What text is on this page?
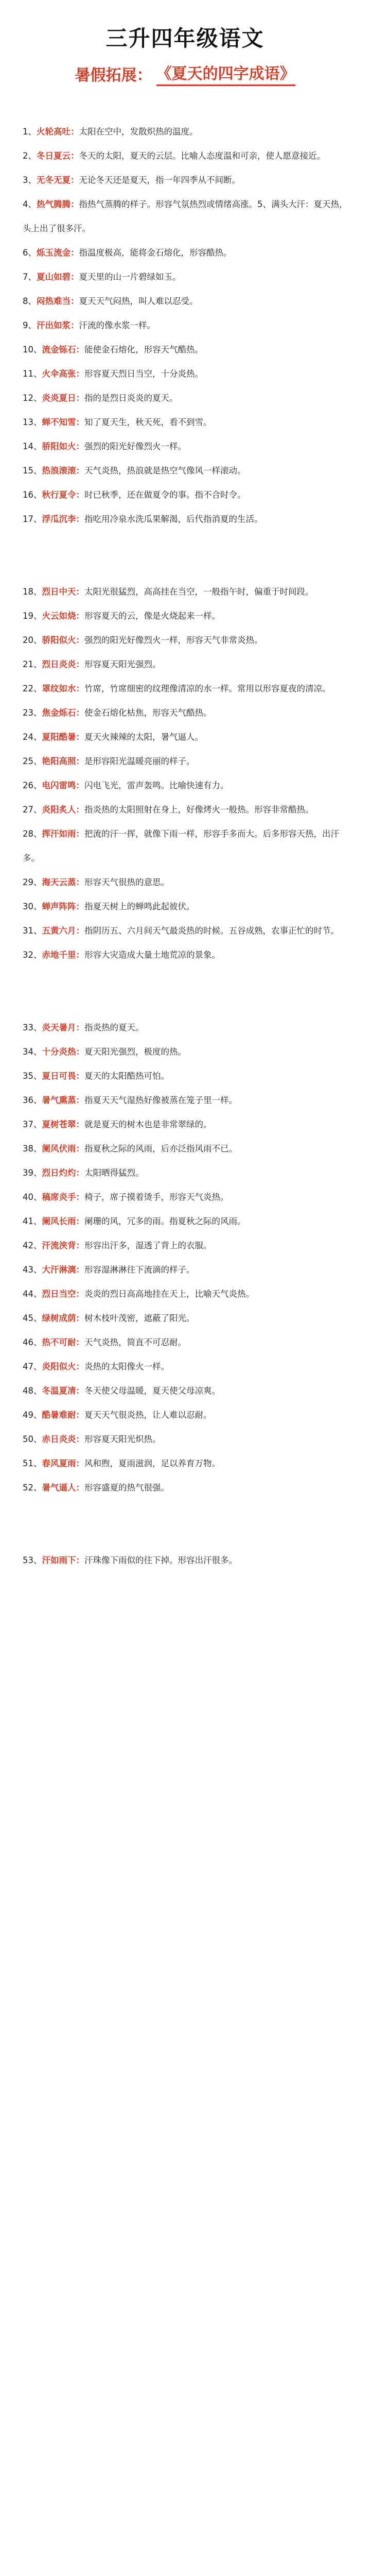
三升四年级语文
暑假拓展： 《夏天的四字成语》

1、火轮高吐：太阳在空中，发散炽热的温度。

2、冬日夏云：冬天的太阳，夏天的云层。比喻人态度温和可亲，使人愿意接近。

3、无冬无夏：无论冬天还是夏天，指一年四季从不间断。

4、热气腾腾：指热气蒸腾的样子。形容气氛热烈或情绪高涨。5、满头大汗：夏天热，头上出了很多汗。

6、烁玉流金：指温度极高，能将金石熔化，形容酷热。

7、夏山如碧：夏天里的山一片碧绿如玉。

8、闷热难当：夏天天气闷热，叫人难以忍受。

9、汗出如浆：汗流的像水浆一样。

10、流金铄石：能使金石熔化，形容天气酷热。

11、火伞高张：形容夏天烈日当空，十分炎热。

12、炎炎夏日：指的是烈日炎炎的夏天。

13、蝉不知雪：知了夏天生，秋天死，看不到雪。

14、骄阳如火：强烈的阳光好像烈火一样。

15、热浪滚滚：天气炎热，热浪就是热空气像风一样滚动。

16、秋行夏令：时已秋季，还在做夏令的事。指不合时令。

17、浮瓜沉李：指吃用冷泉水洗瓜果解渴，后代指消夏的生活。

18、烈日中天：太阳光很猛烈，高高挂在当空，一般指午时，偏重于时间段。

19、火云如烧：形容夏天的云，像是火烧起来一样。

20、骄阳似火：强烈的阳光好像烈火一样，形容天气非常炎热。

21、烈日炎炎：形容夏天阳光强烈。

22、罩纹如水：竹席，竹席细密的纹理像清凉的水一样。常用以形容夏夜的清凉。

23、焦金烁石：使金石熔化枯焦，形容天气酷热。

24、夏阳酷暑：夏天火辣辣的太阳，暑气逼人。

25、艳阳高照：是形容阳光温暖亮丽的样子。

26、电闪雷鸣：闪电飞光，雷声轰鸣。比喻快速有力。

27、炎阳炙人：指炎热的太阳照射在身上，好像烤火一般热。形容非常酷热。

28、挥汗如雨：把流的汗一挥，就像下雨一样，形容手多而大。后多形容天热，出汗多。

29、海天云蒸：形容天气很热的意思。

30、蝉声阵阵：指夏天树上的蝉鸣此起彼伏。

31、五黄六月：指阴历五、六月间天气最炎热的时候。五谷成熟，农事正忙的时节。

32、赤地千里：形容大灾造成大量土地荒凉的景象。

33、炎天暑月：指炎热的夏天。

34、十分炎热：夏天阳光强烈，极度的热。

35、夏日可畏：夏天的太阳酷热可怕。

36、暑气熏蒸：指夏天天气湿热好像被蒸在笼子里一样。

37、夏树苍翠：就是夏天的树木也是非常翠绿的。

38、阑风伏雨：指夏秋之际的风雨，后亦泛指风雨不已。

39、烈日灼灼：太阳晒得猛烈。

40、稿席炎手：椅子，席子摸着烫手，形容天气炎热。

41、阑风长雨：阑珊的风，冗多的雨。指夏秋之际的风雨。

42、汗流浃背：形容出汗多，湿透了背上的衣服。

43、大汗淋漓：形容湿淋淋往下流滴的样子。

44、烈日当空：炎炎的烈日高高地挂在天上，比喻天气炎热。

45、绿树成荫：树木枝叶茂密，遮蔽了阳光。

46、热不可耐：天气炎热，简直不可忍耐。

47、炎阳似火：炎热的太阳像火一样。

48、冬温夏凊：冬天使父母温暖，夏天使父母凉爽。

49、酷暑难耐：夏天天气很炎热，让人难以忍耐。

50、赤日炎炎：形容夏天阳光炽热。

51、春风夏雨：风和煦，夏雨滋润，足以养育万物。

52、暑气逼人：形容盛夏的热气很强。

53、汗如雨下：汗珠像下雨似的往下掉。形容出汗很多。
